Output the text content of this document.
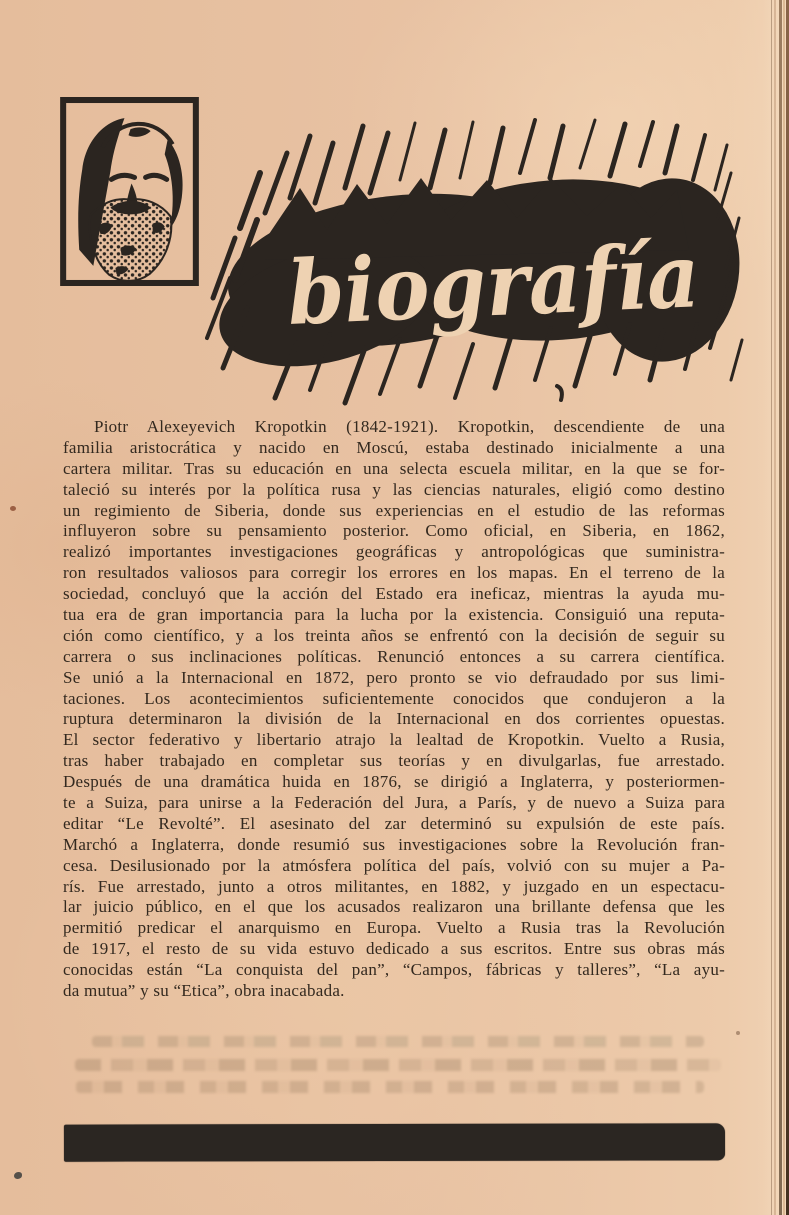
biografía
Piotr Alexeyevich Kropotkin (1842-1921). Kropotkin, descendiente de una
familia aristocrática y nacido en Moscú, estaba destinado inicialmente a una
cartera militar. Tras su educación en una selecta escuela militar, en la que se for-
taleció su interés por la política rusa y las ciencias naturales, eligió como destino
un regimiento de Siberia, donde sus experiencias en el estudio de las reformas
influyeron sobre su pensamiento posterior. Como oficial, en Siberia, en 1862,
realizó importantes investigaciones geográficas y antropológicas que suministra-
ron resultados valiosos para corregir los errores en los mapas. En el terreno de la
sociedad, concluyó que la acción del Estado era ineficaz, mientras la ayuda mu-
tua era de gran importancia para la lucha por la existencia. Consiguió una reputa-
ción como científico, y a los treinta años se enfrentó con la decisión de seguir su
carrera o sus inclinaciones políticas. Renunció entonces a su carrera científica.
Se unió a la Internacional en 1872, pero pronto se vio defraudado por sus limi-
taciones. Los acontecimientos suficientemente conocidos que condujeron a la
ruptura determinaron la división de la Internacional en dos corrientes opuestas.
El sector federativo y libertario atrajo la lealtad de Kropotkin. Vuelto a Rusia,
tras haber trabajado en completar sus teorías y en divulgarlas, fue arrestado.
Después de una dramática huida en 1876, se dirigió a Inglaterra, y posteriormen-
te a Suiza, para unirse a la Federación del Jura, a París, y de nuevo a Suiza para
editar “Le Revolté”. El asesinato del zar determinó su expulsión de este país.
Marchó a Inglaterra, donde resumió sus investigaciones sobre la Revolución fran-
cesa. Desilusionado por la atmósfera política del país, volvió con su mujer a Pa-
rís. Fue arrestado, junto a otros militantes, en 1882, y juzgado en un espectacu-
lar juicio público, en el que los acusados realizaron una brillante defensa que les
permitió predicar el anarquismo en Europa. Vuelto a Rusia tras la Revolución
de 1917, el resto de su vida estuvo dedicado a sus escritos. Entre sus obras más
conocidas están “La conquista del pan”, “Campos, fábricas y talleres”, “La ayu-
da mutua” y su “Etica”, obra inacabada.
